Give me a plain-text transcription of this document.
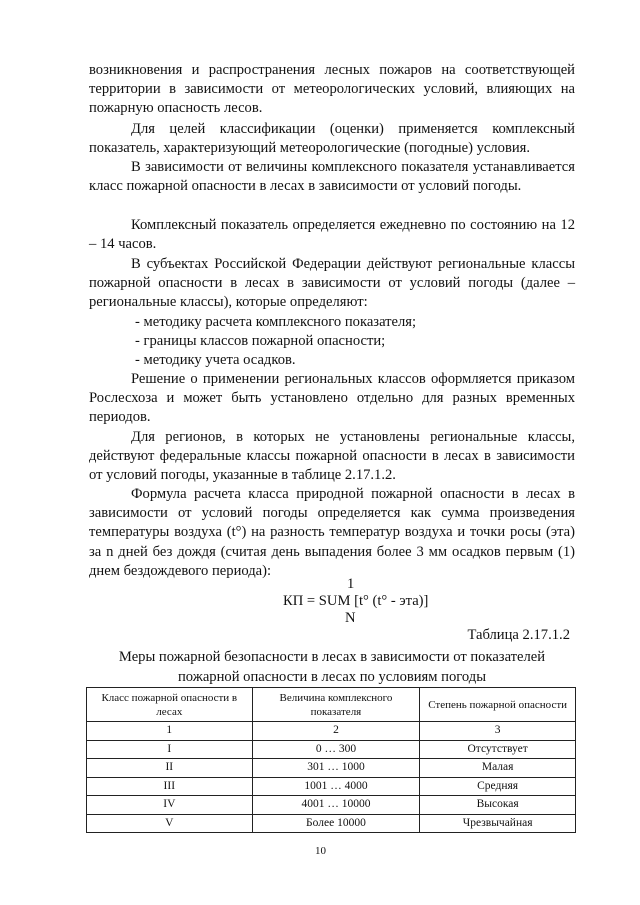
возникновения и распространения лесных пожаров на соответствующей территории в зависимости от метеорологических условий, влияющих на пожарную опасность лесов.
Для целей классификации (оценки) применяется комплексный показатель, характеризующий метеорологические (погодные) условия.
В зависимости от величины комплексного показателя устанавливается класс пожарной опасности в лесах в зависимости от условий погоды.
Комплексный показатель определяется ежедневно по состоянию на 12 – 14 часов.
В субъектах Российской Федерации действуют региональные классы пожарной опасности в лесах в зависимости от условий погоды (далее – региональные классы), которые определяют:
- методику расчета комплексного показателя;
- границы классов пожарной опасности;
- методику учета осадков.
Решение о применении региональных классов оформляется приказом Рослесхоза и может быть установлено отдельно для разных временных периодов.
Для регионов, в которых не установлены региональные классы, действуют федеральные классы пожарной опасности в лесах в зависимости от условий погоды, указанные в таблице 2.17.1.2.
Формула расчета класса природной пожарной опасности в лесах в зависимости от условий погоды определяется как сумма произведения температуры воздуха (t°) на разность температур воздуха и точки росы (эта) за n дней без дождя (считая день выпадения более 3 мм осадков первым (1) днем бездождевого периода):
1
КП = SUM [t° (t° - эта)]
N
Таблица 2.17.1.2
Меры пожарной безопасности в лесах в зависимости от показателей пожарной опасности в лесах по условиям погоды
Класс пожарной опасности в лесах	Величина комплексного показателя	Степень пожарной опасности
1	2	3
I	0 … 300	Отсутствует
II	301 … 1000	Малая
III	1001 … 4000	Средняя
IV	4001 … 10000	Высокая
V	Более 10000	Чрезвычайная
10
